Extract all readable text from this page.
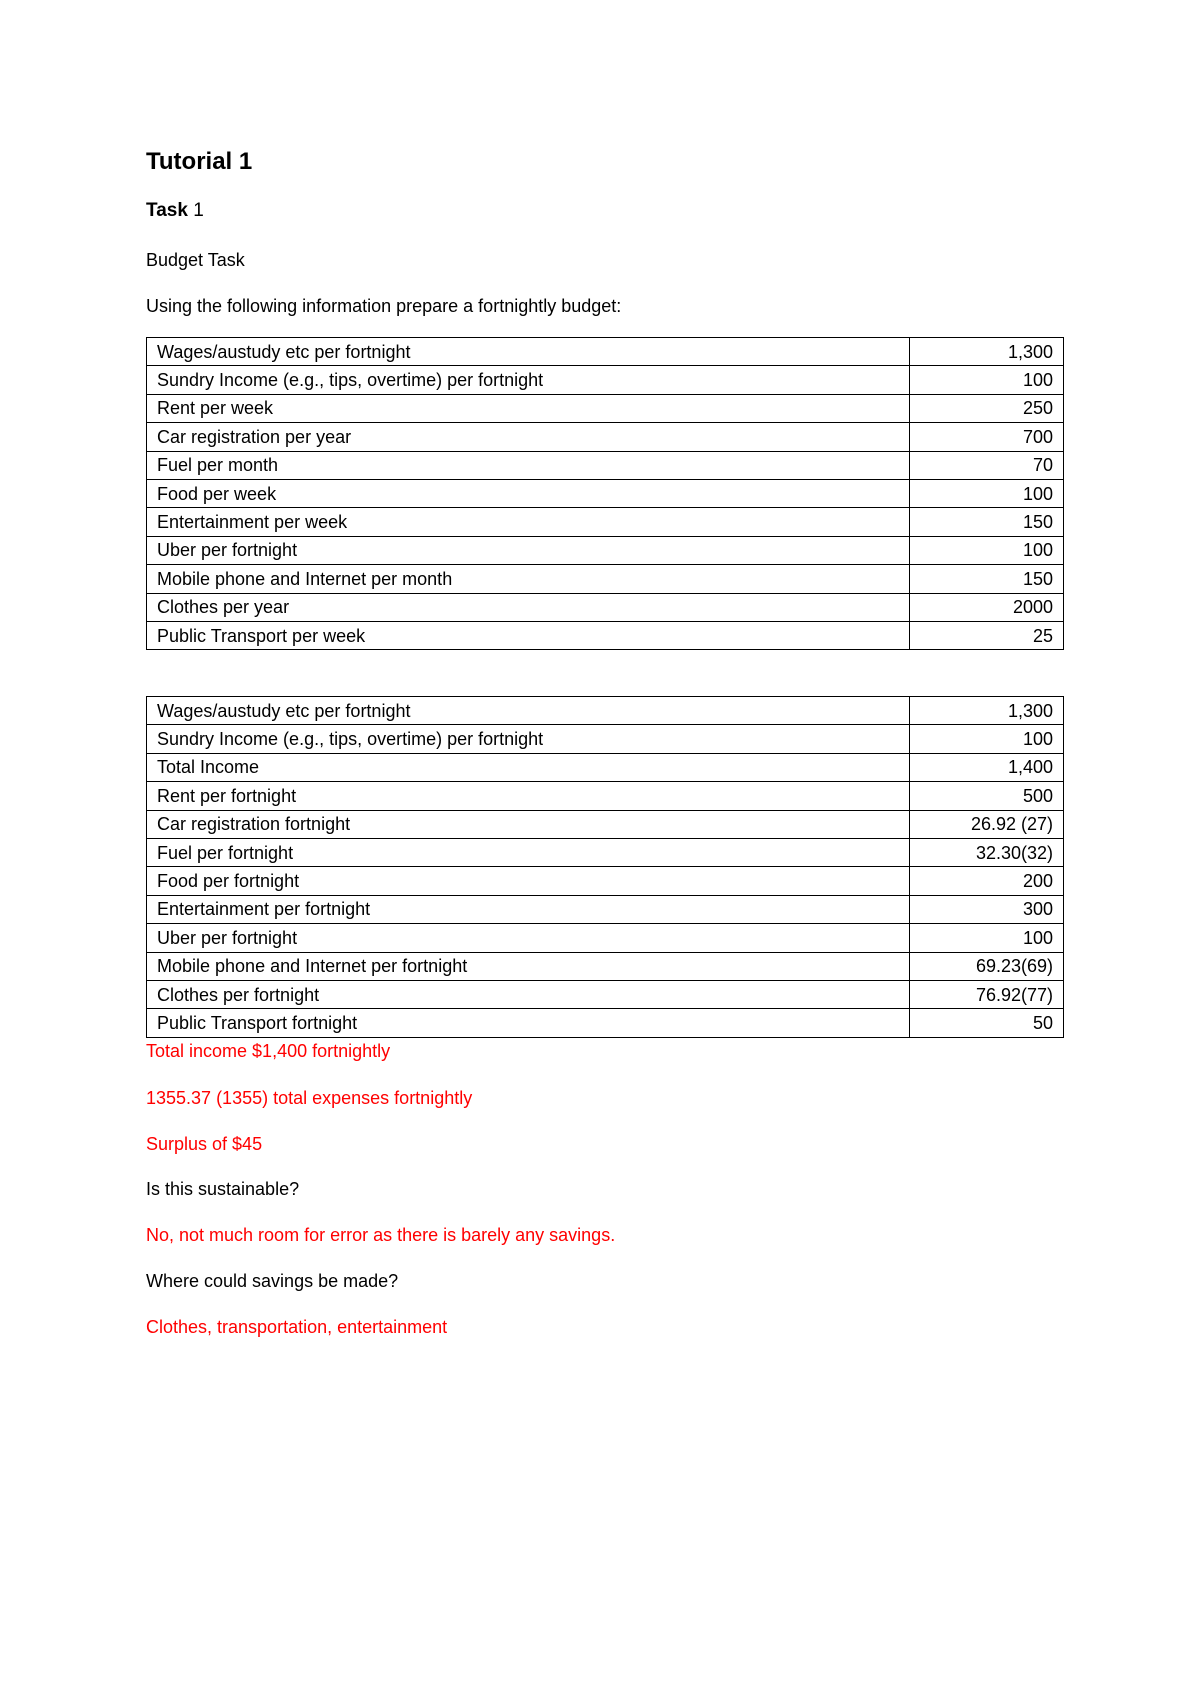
Tutorial 1
Task 1

Budget Task

Using the following information prepare a fortnightly budget:

Wages/austudy etc per fortnight	1,300
Sundry Income (e.g., tips, overtime) per fortnight	100
Rent per week	250
Car registration per year	700
Fuel per month	70
Food per week	100
Entertainment per week	150
Uber per fortnight	100
Mobile phone and Internet per month	150
Clothes per year	2000
Public Transport per week	25
Wages/austudy etc per fortnight	1,300
Sundry Income (e.g., tips, overtime) per fortnight	100
Total Income	1,400
Rent per fortnight	500
Car registration fortnight	26.92 (27)
Fuel per fortnight	32.30(32)
Food per fortnight	200
Entertainment per fortnight	300
Uber per fortnight	100
Mobile phone and Internet per fortnight	69.23(69)
Clothes per fortnight	76.92(77)
Public Transport fortnight	50

Total income $1,400 fortnightly

1355.37 (1355) total expenses fortnightly

Surplus of $45

Is this sustainable?

No, not much room for error as there is barely any savings.

Where could savings be made?

Clothes, transportation, entertainment
